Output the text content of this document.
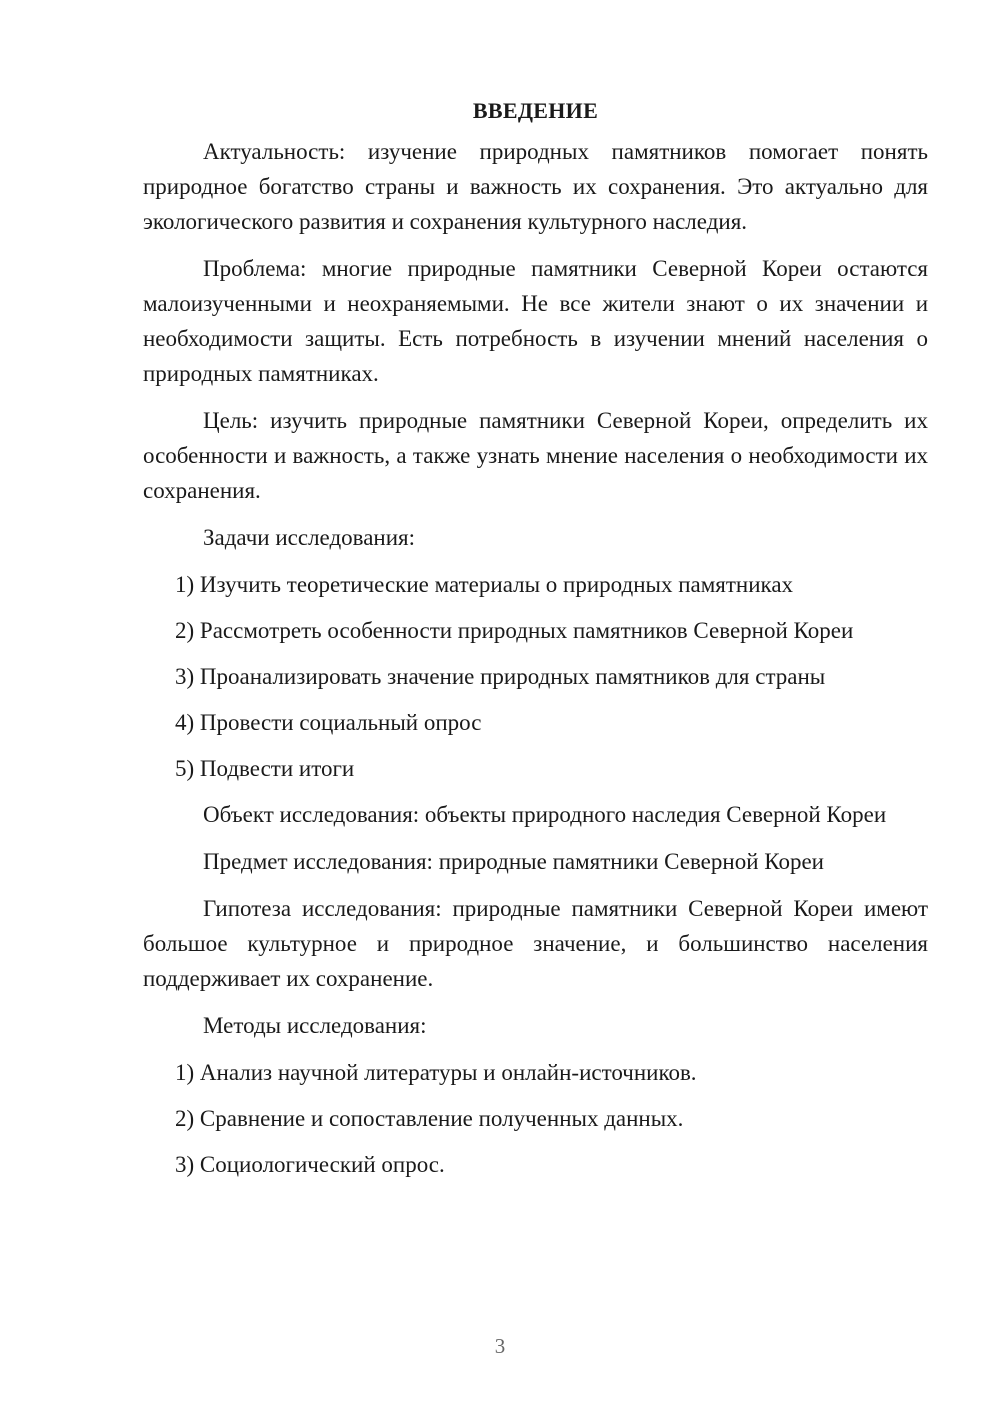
ВВЕДЕНИЕ

Актуальность: изучение природных памятников помогает понять природное богатство страны и важность их сохранения. Это актуально для экологического развития и сохранения культурного наследия.

Проблема: многие природные памятники Северной Кореи остаются малоизученными и неохраняемыми. Не все жители знают о их значении и необходимости защиты. Есть потребность в изучении мнений населения о природных памятниках.

Цель: изучить природные памятники Северной Кореи, определить их особенности и важность, а также узнать мнение населения о необходимости их сохранения.

Задачи исследования:

1) Изучить теоретические материалы о природных памятниках
2) Рассмотреть особенности природных памятников Северной Кореи
3) Проанализировать значение природных памятников для страны
4) Провести социальный опрос
5) Подвести итоги

Объект исследования: объекты природного наследия Северной Кореи

Предмет исследования: природные памятники Северной Кореи

Гипотеза исследования: природные памятники Северной Кореи имеют большое культурное и природное значение, и большинство населения поддерживает их сохранение.

Методы исследования:

1) Анализ научной литературы и онлайн-источников.
2) Сравнение и сопоставление полученных данных.
3) Социологический опрос.
3
